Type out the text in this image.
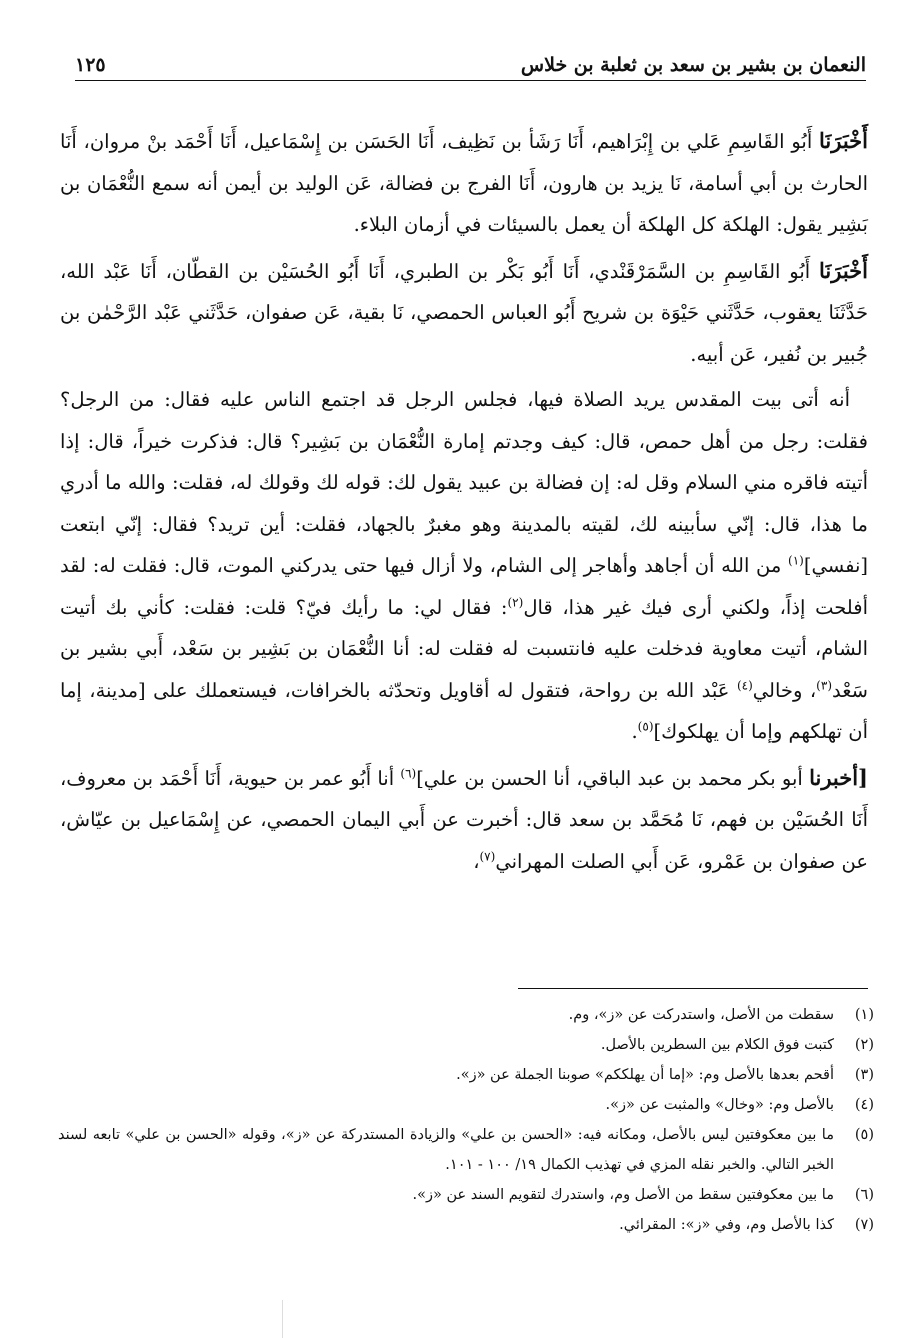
النعمان بن بشير بن سعد بن ثعلبة بن خلاس
١٢٥

أَخْبَرَنَا أَبُو القَاسِمِ عَلي بن إِبْرَاهيم، أَنَا رَشَأ بن نَظِيف، أَنَا الحَسَن بن إِسْمَاعيل، أَنَا أَحْمَد بنْ مروان، أَنَا الحارث بن أبي أسامة، نَا يزيد بن هارون، أَنَا الفرج بن فضالة، عَن الوليد بن أيمن أنه سمع النُّعْمَان بن بَشِير يقول: الهلكة كل الهلكة أن يعمل بالسيئات في أزمان البلاء.

أَخْبَرَنَا أَبُو القَاسِمِ بن السَّمَرْقَنْدي، أَنَا أَبُو بَكْر بن الطبري، أَنَا أَبُو الحُسَيْن بن القطّان، أَنَا عَبْد الله، حَدَّثَنَا يعقوب، حَدَّثَني حَيْوَة بن شريح أَبُو العباس الحمصي، نَا بقية، عَن صفوان، حَدَّثَني عَبْد الرَّحْمٰن بن جُبير بن نُفير، عَن أبيه.

أنه أتى بيت المقدس يريد الصلاة فيها، فجلس الرجل قد اجتمع الناس عليه فقال: من الرجل؟ فقلت: رجل من أهل حمص، قال: كيف وجدتم إمارة النُّعْمَان بن بَشِير؟ قال: فذكرت خيراً، قال: إذا أتيته فاقره مني السلام وقل له: إن فضالة بن عبيد يقول لك: قوله لك وقولك له، فقلت: والله ما أدري ما هذا، قال: إنّي سأبينه لك، لقيته بالمدينة وهو مغبرٌ بالجهاد، فقلت: أين تريد؟ فقال: إنّي ابتعت [نفسي]$^{(١)}$ من الله أن أجاهد وأهاجر إلى الشام، ولا أزال فيها حتى يدركني الموت، قال: فقلت له: لقد أفلحت إذاً، ولكني أرى فيك غير هذا، قال$^{(٢)}$: فقال لي: ما رأيك فيّ؟ قلت: فقلت: كأني بك أتيت الشام، أتيت معاوية فدخلت عليه فانتسبت له فقلت له: أنا النُّعْمَان بن بَشِير بن سَعْد، أَبي بشير بن سَعْد$^{(٣)}$، وخالي$^{(٤)}$ عَبْد الله بن رواحة، فتقول له أقاويل وتحدّثه بالخرافات، فيستعملك على [مدينة، إما أن تهلكهم وإما أن يهلكوك]$^{(٥)}$.

[أخبرنا أبو بكر محمد بن عبد الباقي، أنا الحسن بن علي]$^{(٦)}$ أنا أَبُو عمر بن حيوية، أَنَا أَحْمَد بن معروف، أَنَا الحُسَيْن بن فهم، نَا مُحَمَّد بن سعد قال: أخبرت عن أَبي اليمان الحمصي، عن إِسْمَاعيل بن عيّاش، عن صفوان بن عَمْرو، عَن أَبي الصلت المهراني$^{(٧)}$،

(١)
سقطت من الأصل، واستدركت عن «ز»، وم.
(٢)
كتبت فوق الكلام بين السطرين بالأصل.
(٣)
أقحم بعدها بالأصل وم: «إما أن يهلككم» صوبنا الجملة عن «ز».
(٤)
بالأصل وم: «وخال» والمثبت عن «ز».
(٥)
ما بين معكوفتين ليس بالأصل، ومكانه فيه: «الحسن بن علي» والزيادة المستدركة عن «ز»، وقوله «الحسن بن علي» تابعه لسند الخبر التالي. والخبر نقله المزي في تهذيب الكمال ١٩/ ١٠٠ - ١٠١.
(٦)
ما بين معكوفتين سقط من الأصل وم، واستدرك لتقويم السند عن «ز».
(٧)
كذا بالأصل وم، وفي «ز»: المقرائي.
